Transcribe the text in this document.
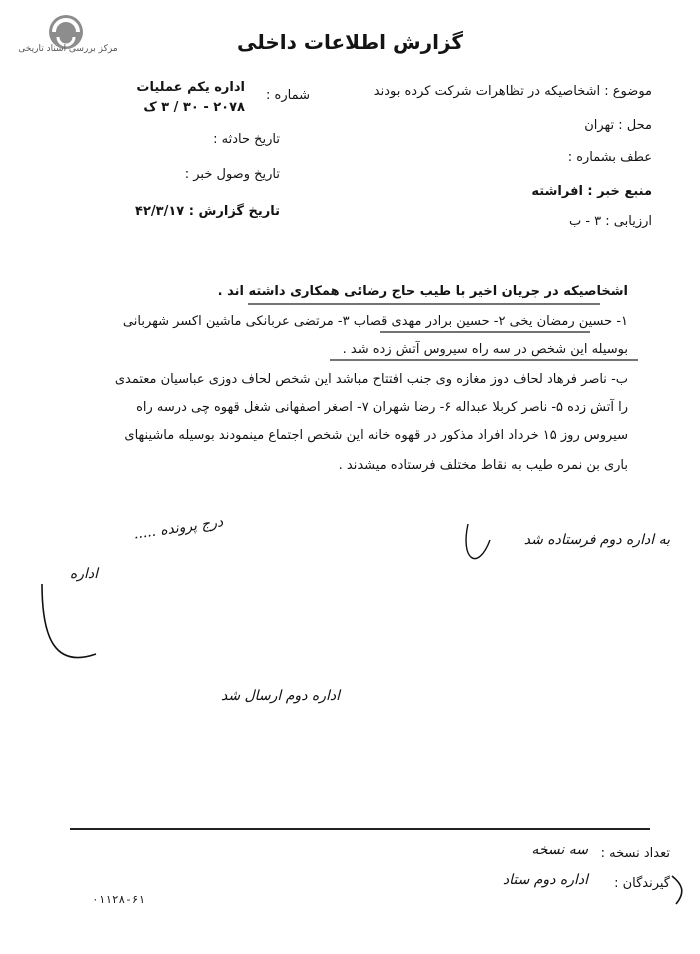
مرکز بررسی اسناد تاریخی	گزارش اطلاعات داخلی
موضوع : اشخاصیکه در تظاهرات شرکت کرده بودند
محل : تهران
عطف بشماره :
منبع خبر : افراشته
ارزیابی : ۳ - ب
شماره :
اداره یکم عملیات
۲۰۷۸ - ۳۰ / ۳ ک
تاریخ حادثه :
تاریخ وصول خبر :
تاریخ گزارش : ۴۲/۳/۱۷
اشخاصیکه در جریان اخیر با طیب حاج رضائی همکاری داشته اند .
۱- حسین رمضان یخی ۲- حسین برادر مهدی قصاب ۳- مرتضی عربانکی ماشین اکسر شهربانی
بوسیله این شخص در سه راه سیروس آتش زده شد .
ب- ناصر فرهاد لحاف دوز مغازه وی جنب افتتاح مباشد این شخص لحاف دوزی عباسیان معتمدی
را آتش زده ۵- ناصر کربلا عبداله ۶- رضا شهران ۷- اصغر اصفهانی شغل قهوه چی درسه راه
سیروس روز ۱۵ خرداد افراد مذکور در قهوه خانه این شخص اجتماع مینمودند بوسیله ماشینهای
باری بن نمره طیب به نقاط مختلف فرستاده میشدند .
به اداره دوم فرستاده شد
درج پرونده .....
اداره
اداره دوم ارسال شد
تعداد نسخه :
سه نسخه
گیرندگان :
اداره دوم ستاد
۰۱۱۲۸-۶۱
